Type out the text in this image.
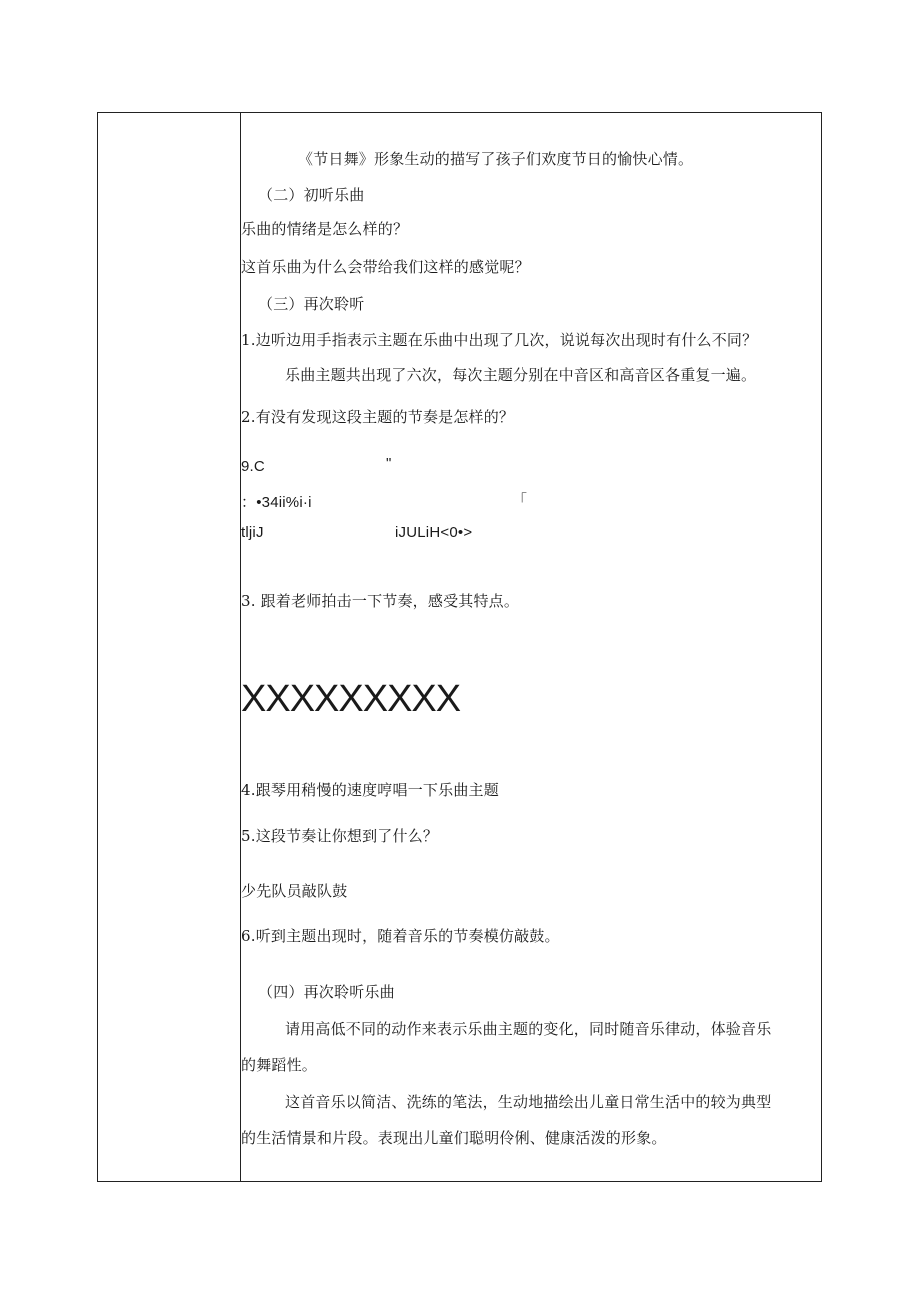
《节日舞》形象生动的描写了孩子们欢度节日的愉快心情。
（二）初听乐曲
乐曲的情绪是怎么样的？
这首乐曲为什么会带给我们这样的感觉呢？
（三）再次聆听
1.边听边用手指表示主题在乐曲中出现了几次，说说每次出现时有什么不同？
乐曲主题共出现了六次，每次主题分别在中音区和高音区各重复一遍。
2.有没有发现这段主题的节奏是怎样的？
9.C	"
：•34ii%i·i	「
tljiJ	iJULiH<0•>
3. 跟着老师拍击一下节奏，感受其特点。
XXXXXXXXX
4.跟琴用稍慢的速度哼唱一下乐曲主题
5.这段节奏让你想到了什么？
少先队员敲队鼓
6.听到主题出现时，随着音乐的节奏模仿敲鼓。
（四）再次聆听乐曲
请用高低不同的动作来表示乐曲主题的变化，同时随音乐律动，体验音乐
的舞蹈性。
这首音乐以简洁、洗练的笔法，生动地描绘出儿童日常生活中的较为典型
的生活情景和片段。表现出儿童们聪明伶俐、健康活泼的形象。
